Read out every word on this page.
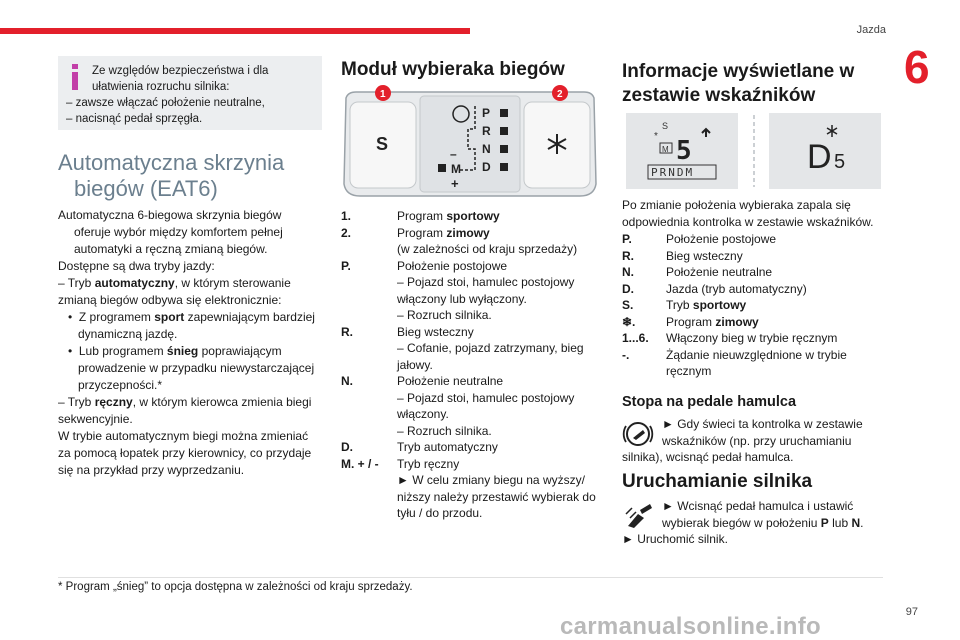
Jazda
6
Ze względów bezpieczeństwa i dla
ułatwienia rozruchu silnika:
– zawsze włączać położenie neutralne,
– nacisnąć pedał sprzęgła.
Automatyczna skrzynia
biegów (EAT6)

Automatyczna 6-biegowa skrzynia biegów

oferuje wybór między komfortem pełnej

automatyki a ręczną zmianą biegów.

Dostępne są dwa tryby jazdy:

– Tryb automatyczny, w którym sterowanie

zmianą biegów odbywa się elektronicznie:

•  Z programem sport zapewniającym bardziej

dynamiczną jazdę.

•  Lub programem śnieg poprawiającym

prowadzenie w przypadku niewystarczającej

przyczepności.*

– Tryb ręczny, w którym kierowca zmienia biegi

sekwencyjnie.

W trybie automatycznym biegi można zmieniać

za pomocą łopatek przy kierownicy, co przydaje

się na przykład przy wyprzedzaniu.

Moduł wybieraka biegów
S
P
R
N
D
–
M
+
1	2
1.	Program sportowy
2.	Program zimowy
(w zależności od kraju sprzedaży)
P.	Położenie postojowe
– Pojazd stoi, hamulec postojowy
włączony lub wyłączony.
– Rozruch silnika.
R.	Bieg wsteczny
– Cofanie, pojazd zatrzymany, bieg
jałowy.
N.	Położenie neutralne
– Pojazd stoi, hamulec postojowy
włączony.
– Rozruch silnika.
D.	Tryb automatyczny
M. + / -	Tryb ręczny
► W celu zmiany biegu na wyższy/
niższy należy przestawić wybierak do
tyłu / do przodu.
Informacje wyświetlane w
zestawie wskaźników
S
*
M 5
PRNDM	D 5
Po zmianie położenia wybieraka zapala się
odpowiednia kontrolka w zestawie wskaźników.
P.	Położenie postojowe
R.	Bieg wsteczny
N.	Położenie neutralne
D.	Jazda (tryb automatyczny)
S.	Tryb sportowy
❄.	Program zimowy
1...6.	Włączony bieg w trybie ręcznym
-.	Żądanie nieuwzględnione w trybie
ręcznym
Stopa na pedale hamulca
► Gdy świeci ta kontrolka w zestawie
wskaźników (np. przy uruchamianiu
silnika), wcisnąć pedał hamulca.
Uruchamianie silnika
► Wcisnąć pedał hamulca i ustawić
wybierak biegów w położeniu P lub N.
► Uruchomić silnik.
* Program „śnieg” to opcja dostępna w zależności od kraju sprzedaży.
carmanualsonline.info
97
